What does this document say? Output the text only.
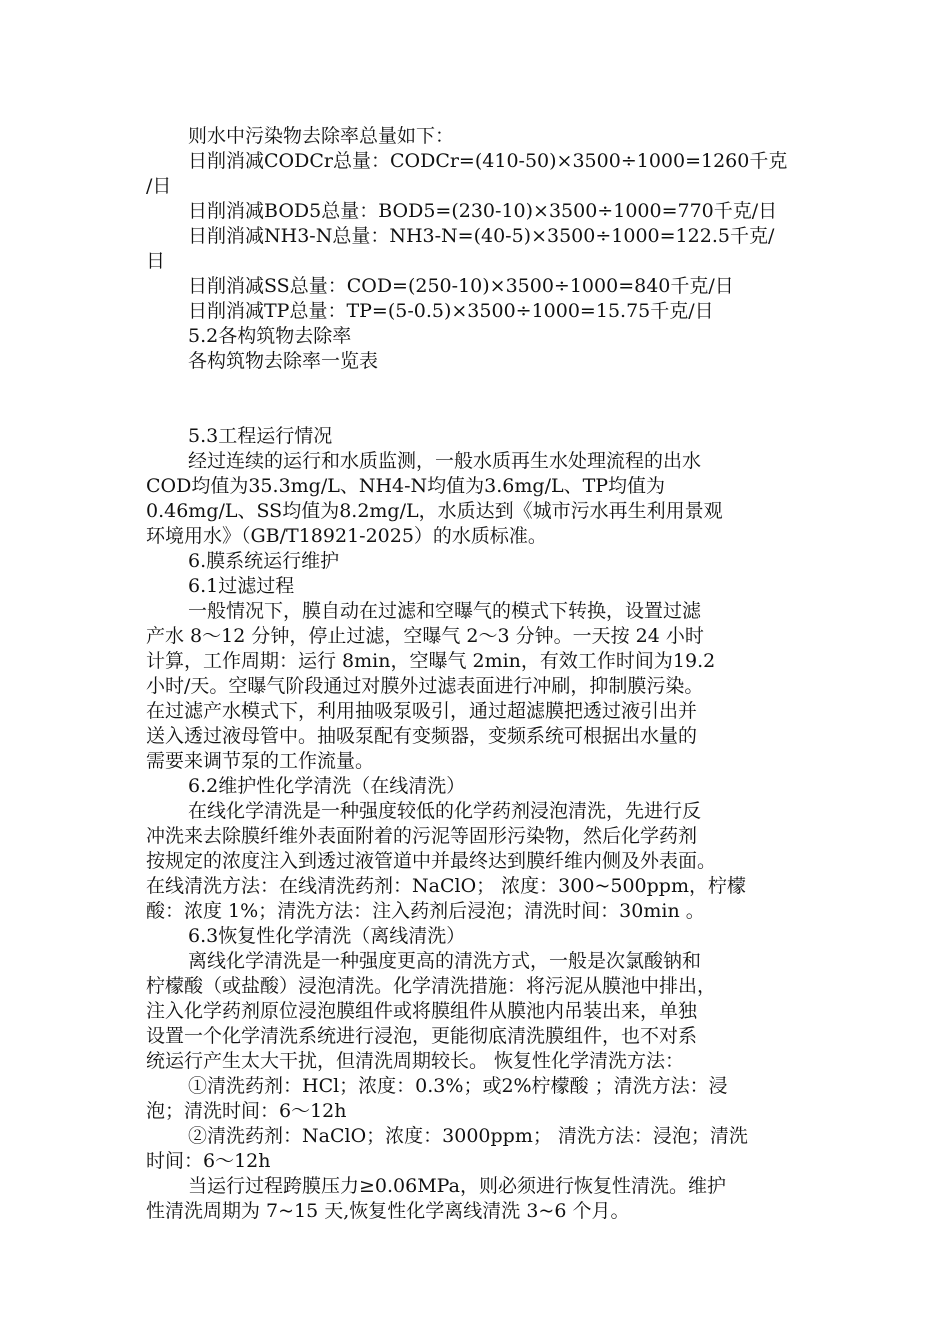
则水中污染物去除率总量如下：
日削消减CODCr总量：CODCr=(410-50)×3500÷1000=1260千克
/日
日削消减BOD5总量：BOD5=(230-10)×3500÷1000=770千克/日
日削消减NH3-N总量：NH3-N=(40-5)×3500÷1000=122.5千克/
日
日削消减SS总量：COD=(250-10)×3500÷1000=840千克/日
日削消减TP总量：TP=(5-0.5)×3500÷1000=15.75千克/日
5.2各构筑物去除率
各构筑物去除率一览表
5.3工程运行情况
经过连续的运行和水质监测，一般水质再生水处理流程的出水
COD均值为35.3mg/L、NH4-N均值为3.6mg/L、TP均值为
0.46mg/L、SS均值为8.2mg/L，水质达到《城市污水再生利用景观
环境用水》（GB/T18921-2025）的水质标准。
6.膜系统运行维护
6.1过滤过程
一般情况下，膜自动在过滤和空曝气的模式下转换，设置过滤
产水 8～12 分钟，停止过滤，空曝气 2～3 分钟。一天按 24 小时
计算，工作周期：运行 8min，空曝气 2min，有效工作时间为19.2
小时/天。空曝气阶段通过对膜外过滤表面进行冲刷，抑制膜污染。
在过滤产水模式下，利用抽吸泵吸引，通过超滤膜把透过液引出并
送入透过液母管中。抽吸泵配有变频器，变频系统可根据出水量的
需要来调节泵的工作流量。
6.2维护性化学清洗（在线清洗）
在线化学清洗是一种强度较低的化学药剂浸泡清洗，先进行反
冲洗来去除膜纤维外表面附着的污泥等固形污染物，然后化学药剂
按规定的浓度注入到透过液管道中并最终达到膜纤维内侧及外表面。
在线清洗方法：在线清洗药剂：NaClO； 浓度：300~500ppm，柠檬
酸：浓度 1%；清洗方法：注入药剂后浸泡；清洗时间：30min 。
6.3恢复性化学清洗（离线清洗）
离线化学清洗是一种强度更高的清洗方式，一般是次氯酸钠和
柠檬酸（或盐酸）浸泡清洗。化学清洗措施：将污泥从膜池中排出，
注入化学药剂原位浸泡膜组件或将膜组件从膜池内吊装出来，单独
设置一个化学清洗系统进行浸泡，更能彻底清洗膜组件，也不对系
统运行产生太大干扰，但清洗周期较长。 恢复性化学清洗方法：
①清洗药剂：HCl；浓度：0.3%；或2%柠檬酸 ；清洗方法：浸
泡；清洗时间：6～12h
②清洗药剂：NaClO；浓度：3000ppm； 清洗方法：浸泡；清洗
时间：6～12h
当运行过程跨膜压力≥0.06MPa，则必须进行恢复性清洗。维护
性清洗周期为 7~15 天,恢复性化学离线清洗 3~6 个月。
